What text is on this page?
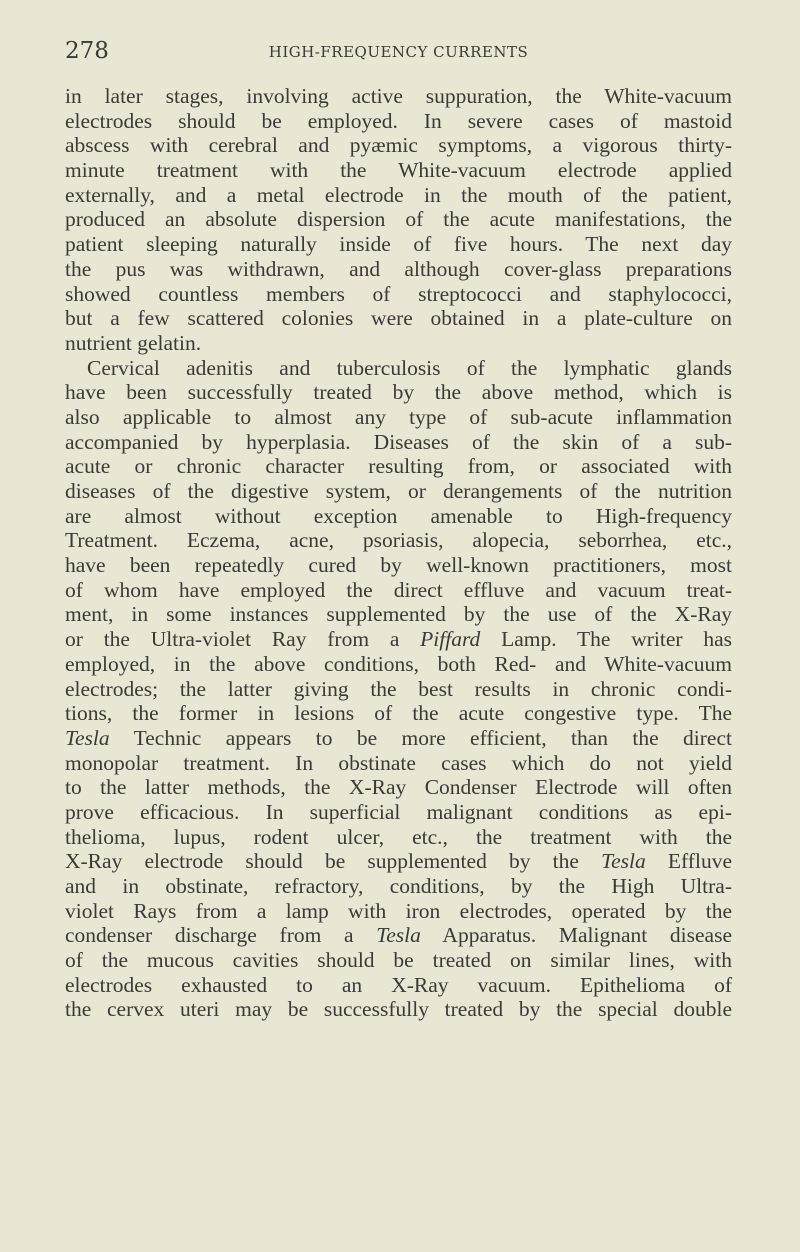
278	HIGH-FREQUENCY CURRENTS
in later stages, involving active suppuration, the White-vacuum
electrodes should be employed. In severe cases of mastoid
abscess with cerebral and pyæmic symptoms, a vigorous thirty-
minute treatment with the White-vacuum electrode applied
externally, and a metal electrode in the mouth of the patient,
produced an absolute dispersion of the acute manifestations, the
patient sleeping naturally inside of five hours. The next day
the pus was withdrawn, and although cover-glass preparations
showed countless members of streptococci and staphylococci,
but a few scattered colonies were obtained in a plate-culture on
nutrient gelatin.
Cervical adenitis and tuberculosis of the lymphatic glands
have been successfully treated by the above method, which is
also applicable to almost any type of sub-acute inflammation
accompanied by hyperplasia. Diseases of the skin of a sub-
acute or chronic character resulting from, or associated with
diseases of the digestive system, or derangements of the nutrition
are almost without exception amenable to High-frequency
Treatment. Eczema, acne, psoriasis, alopecia, seborrhea, etc.,
have been repeatedly cured by well-known practitioners, most
of whom have employed the direct effluve and vacuum treat-
ment, in some instances supplemented by the use of the X-Ray
or the Ultra-violet Ray from a Piffard Lamp. The writer has
employed, in the above conditions, both Red- and White-vacuum
electrodes; the latter giving the best results in chronic condi-
tions, the former in lesions of the acute congestive type. The
Tesla Technic appears to be more efficient, than the direct
monopolar treatment. In obstinate cases which do not yield
to the latter methods, the X-Ray Condenser Electrode will often
prove efficacious. In superficial malignant conditions as epi-
thelioma, lupus, rodent ulcer, etc., the treatment with the
X-Ray electrode should be supplemented by the Tesla Effluve
and in obstinate, refractory, conditions, by the High Ultra-
violet Rays from a lamp with iron electrodes, operated by the
condenser discharge from a Tesla Apparatus. Malignant disease
of the mucous cavities should be treated on similar lines, with
electrodes exhausted to an X-Ray vacuum. Epithelioma of
the cervex uteri may be successfully treated by the special double
